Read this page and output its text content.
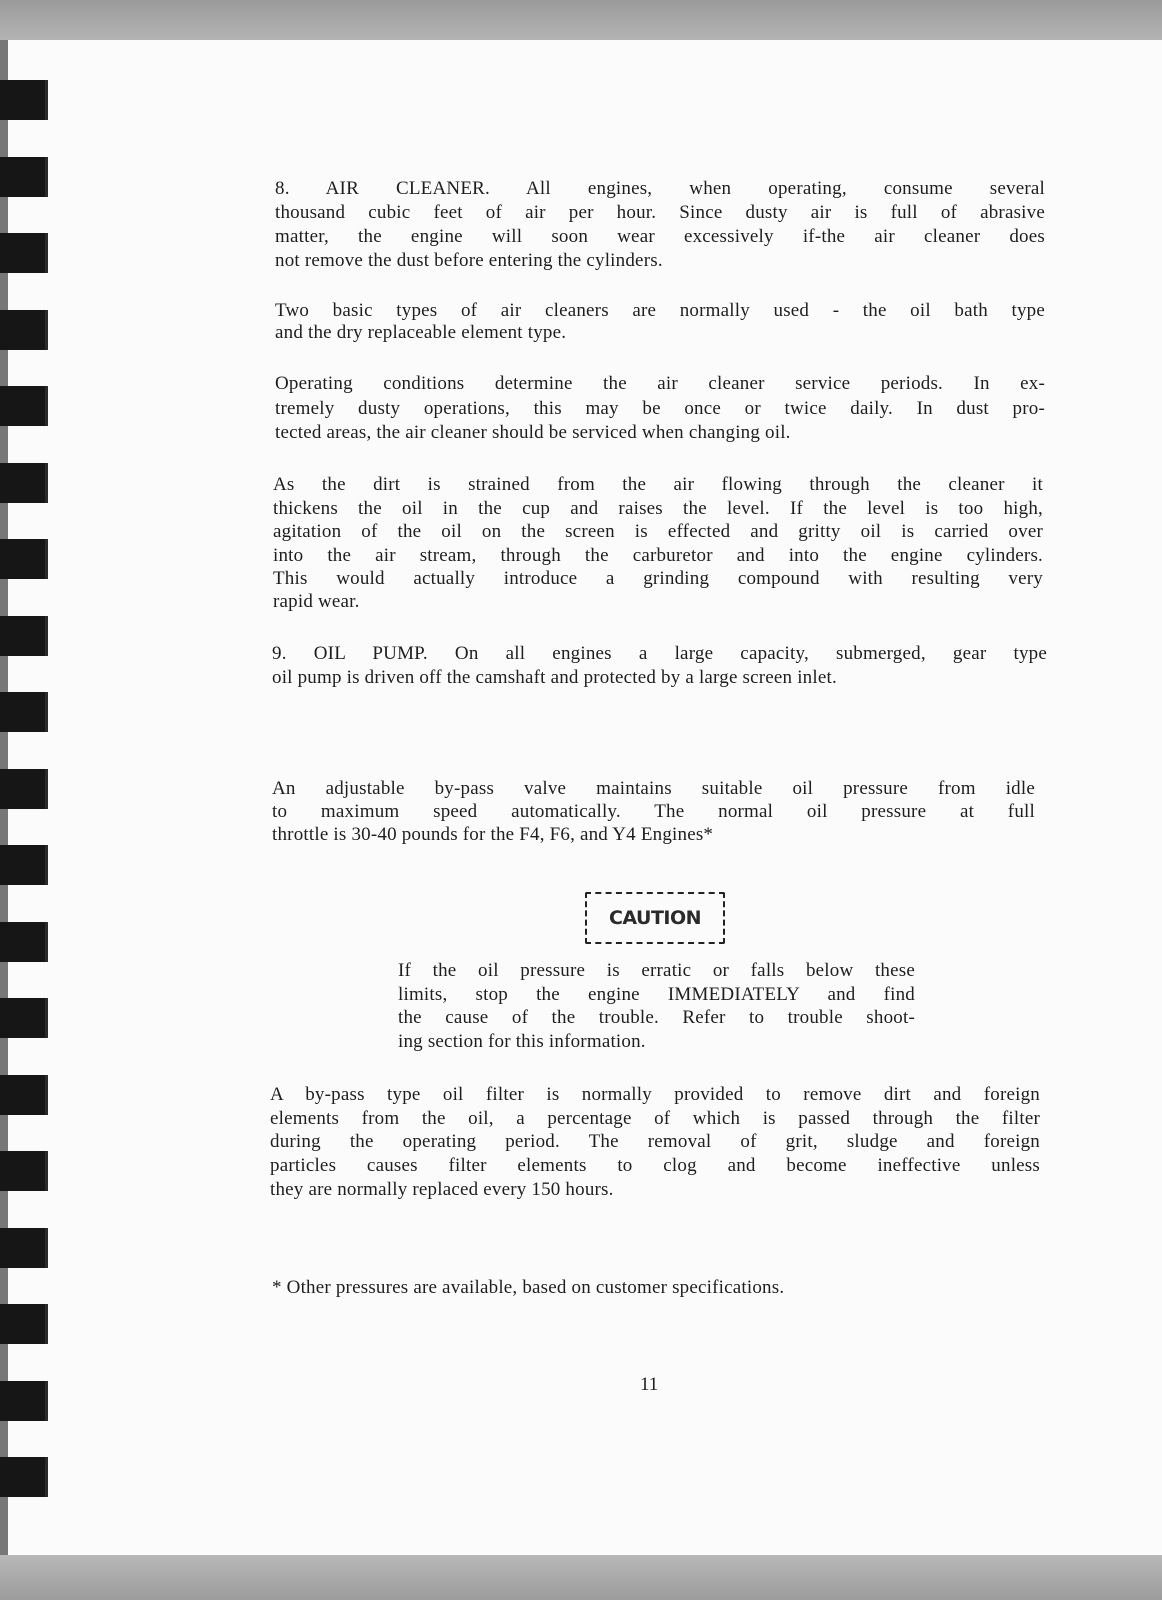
8. AIR CLEANER. All engines, when operating, consume several
thousand cubic feet of air per hour. Since dusty air is full of abrasive
matter, the engine will soon wear excessively if-the air cleaner does
not remove the dust before entering the cylinders.
Two basic types of air cleaners are normally used - the oil bath type
and the dry replaceable element type.
Operating conditions determine the air cleaner service periods. In ex-
tremely dusty operations, this may be once or twice daily. In dust pro-
tected areas, the air cleaner should be serviced when changing oil.
As the dirt is strained from the air flowing through the cleaner it
thickens the oil in the cup and raises the level. If the level is too high,
agitation of the oil on the screen is effected and gritty oil is carried over
into the air stream, through the carburetor and into the engine cylinders.
This would actually introduce a grinding compound with resulting very
rapid wear.
9. OIL PUMP. On all engines a large capacity, submerged, gear type
oil pump is driven off the camshaft and protected by a large screen inlet.
An adjustable by-pass valve maintains suitable oil pressure from idle
to maximum speed automatically. The normal oil pressure at full
throttle is 30-40 pounds for the F4, F6, and Y4 Engines*
If the oil pressure is erratic or falls below these
limits, stop the engine IMMEDIATELY and find
the cause of the trouble. Refer to trouble shoot-
ing section for this information.
A by-pass type oil filter is normally provided to remove dirt and foreign
elements from the oil, a percentage of which is passed through the filter
during the operating period. The removal of grit, sludge and foreign
particles causes filter elements to clog and become ineffective unless
they are normally replaced every 150 hours.
* Other pressures are available, based on customer specifications.
CAUTION
11
